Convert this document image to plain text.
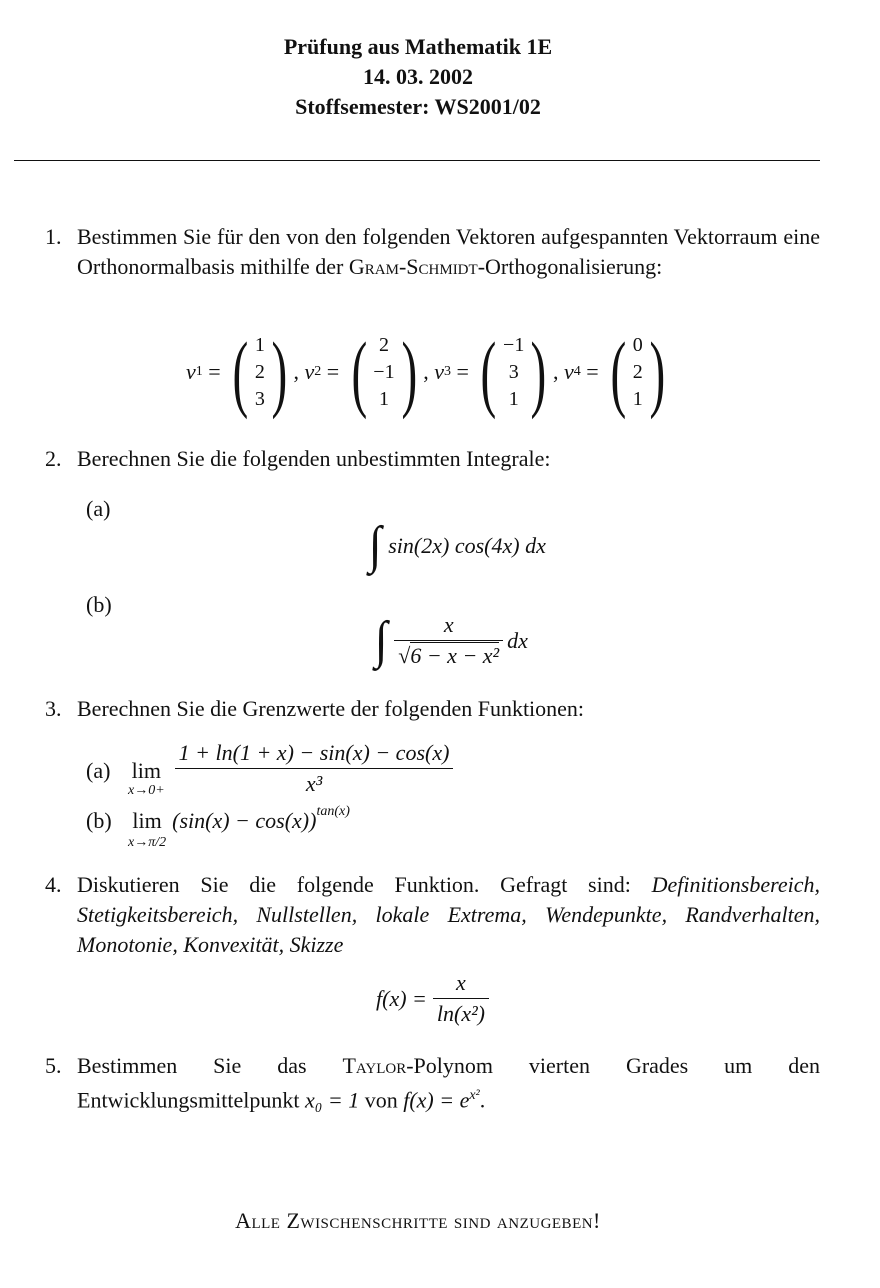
Prüfung aus Mathematik 1E
14. 03. 2002
Stoffsemester: WS2001/02
1. Bestimmen Sie für den von den folgenden Vektoren aufgespannten Vektorraum eine Orthonormalbasis mithilfe der Gram-Schmidt-Orthogonalisierung:
v 1 = ( 1
2
3 ) , v 2 = ( 2
−1
1 ) , v 3 = ( −1
3
1 ) , v 4 = ( 0
2
1 )
2. Berechnen Sie die folgenden unbestimmten Integrale:
(a)
∫ sin(2x) cos(4x) dx
(b)
∫ $\frac{x}{\text{√6 − x − x²}}$ dx
3. Berechnen Sie die Grenzwerte der folgenden Funktionen:
(a) lim
$x\to 0+ \frac{1 + \ln(1 + x) - \sin(x) - \cos(x)}{\text{x³}}$
(b) lim
x→π/2
$(\sin(x) - \cos(x))^{tan(x)}$
4. Diskutieren Sie die folgende Funktion. Gefragt sind: Definitionsbereich, Stetigkeitsbereich, Nullstellen, lokale Extrema, Wendepunkte, Randverhalten, Monotonie, Konvexität, Skizze
$f(x) = \frac{x}{\text{ln(x²)}}$
5. Bestimmen Sie das Taylor-Polynom vierten Grades um den Entwicklungsmittelpunkt x₀ = 1 von $f(x) = e^{x^2}$.
Alle Zwischenschritte sind anzugeben!
